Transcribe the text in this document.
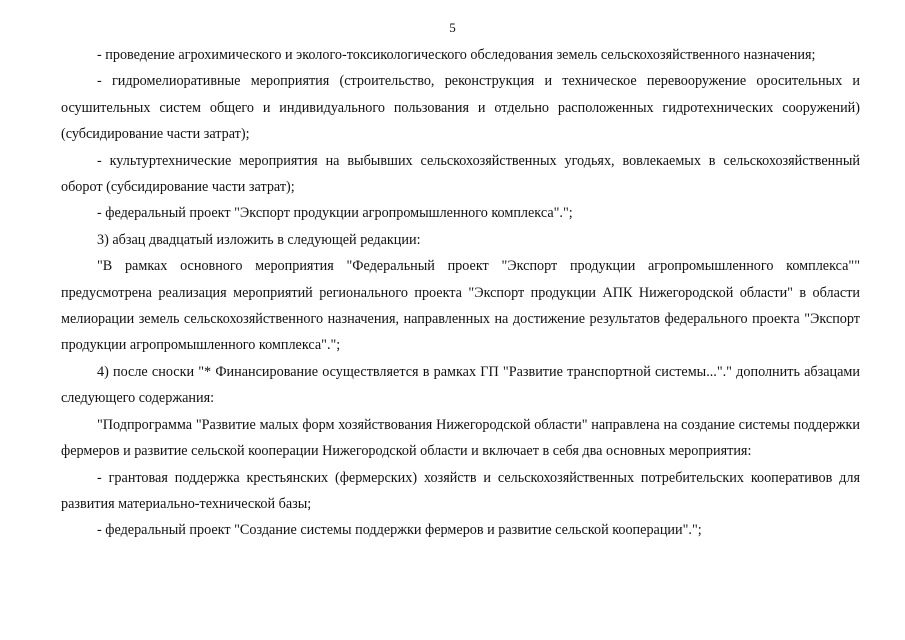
5

- проведение агрохимического и эколого-токсикологического обследования земель сельскохозяйственного назначения;

- гидромелиоративные мероприятия (строительство, реконструкция и техническое перевооружение оросительных и осушительных систем общего и индивидуального пользования и отдельно расположенных гидротехнических сооружений) (субсидирование части затрат);

- культуртехнические мероприятия на выбывших сельскохозяйственных угодьях, вовлекаемых в сельскохозяйственный оборот (субсидирование части затрат);

- федеральный проект "Экспорт продукции агропромышленного комплекса".";

3) абзац двадцатый изложить в следующей редакции:

"В рамках основного мероприятия "Федеральный проект "Экспорт продукции агропромышленного комплекса"" предусмотрена реализация мероприятий регионального проекта "Экспорт продукции АПК Нижегородской области" в области мелиорации земель сельскохозяйственного назначения, направленных на достижение результатов федерального проекта "Экспорт продукции агропромышленного комплекса".";

4) после сноски "* Финансирование осуществляется в рамках ГП "Развитие транспортной системы..."." дополнить абзацами следующего содержания:

"Подпрограмма "Развитие малых форм хозяйствования Нижегородской области" направлена на создание системы поддержки фермеров и развитие сельской кооперации Нижегородской области и включает в себя два основных мероприятия:

- грантовая поддержка крестьянских (фермерских) хозяйств и сельскохозяйственных потребительских кооперативов для развития материально-технической базы;

- федеральный проект "Создание системы поддержки фермеров и развитие сельской кооперации".";
